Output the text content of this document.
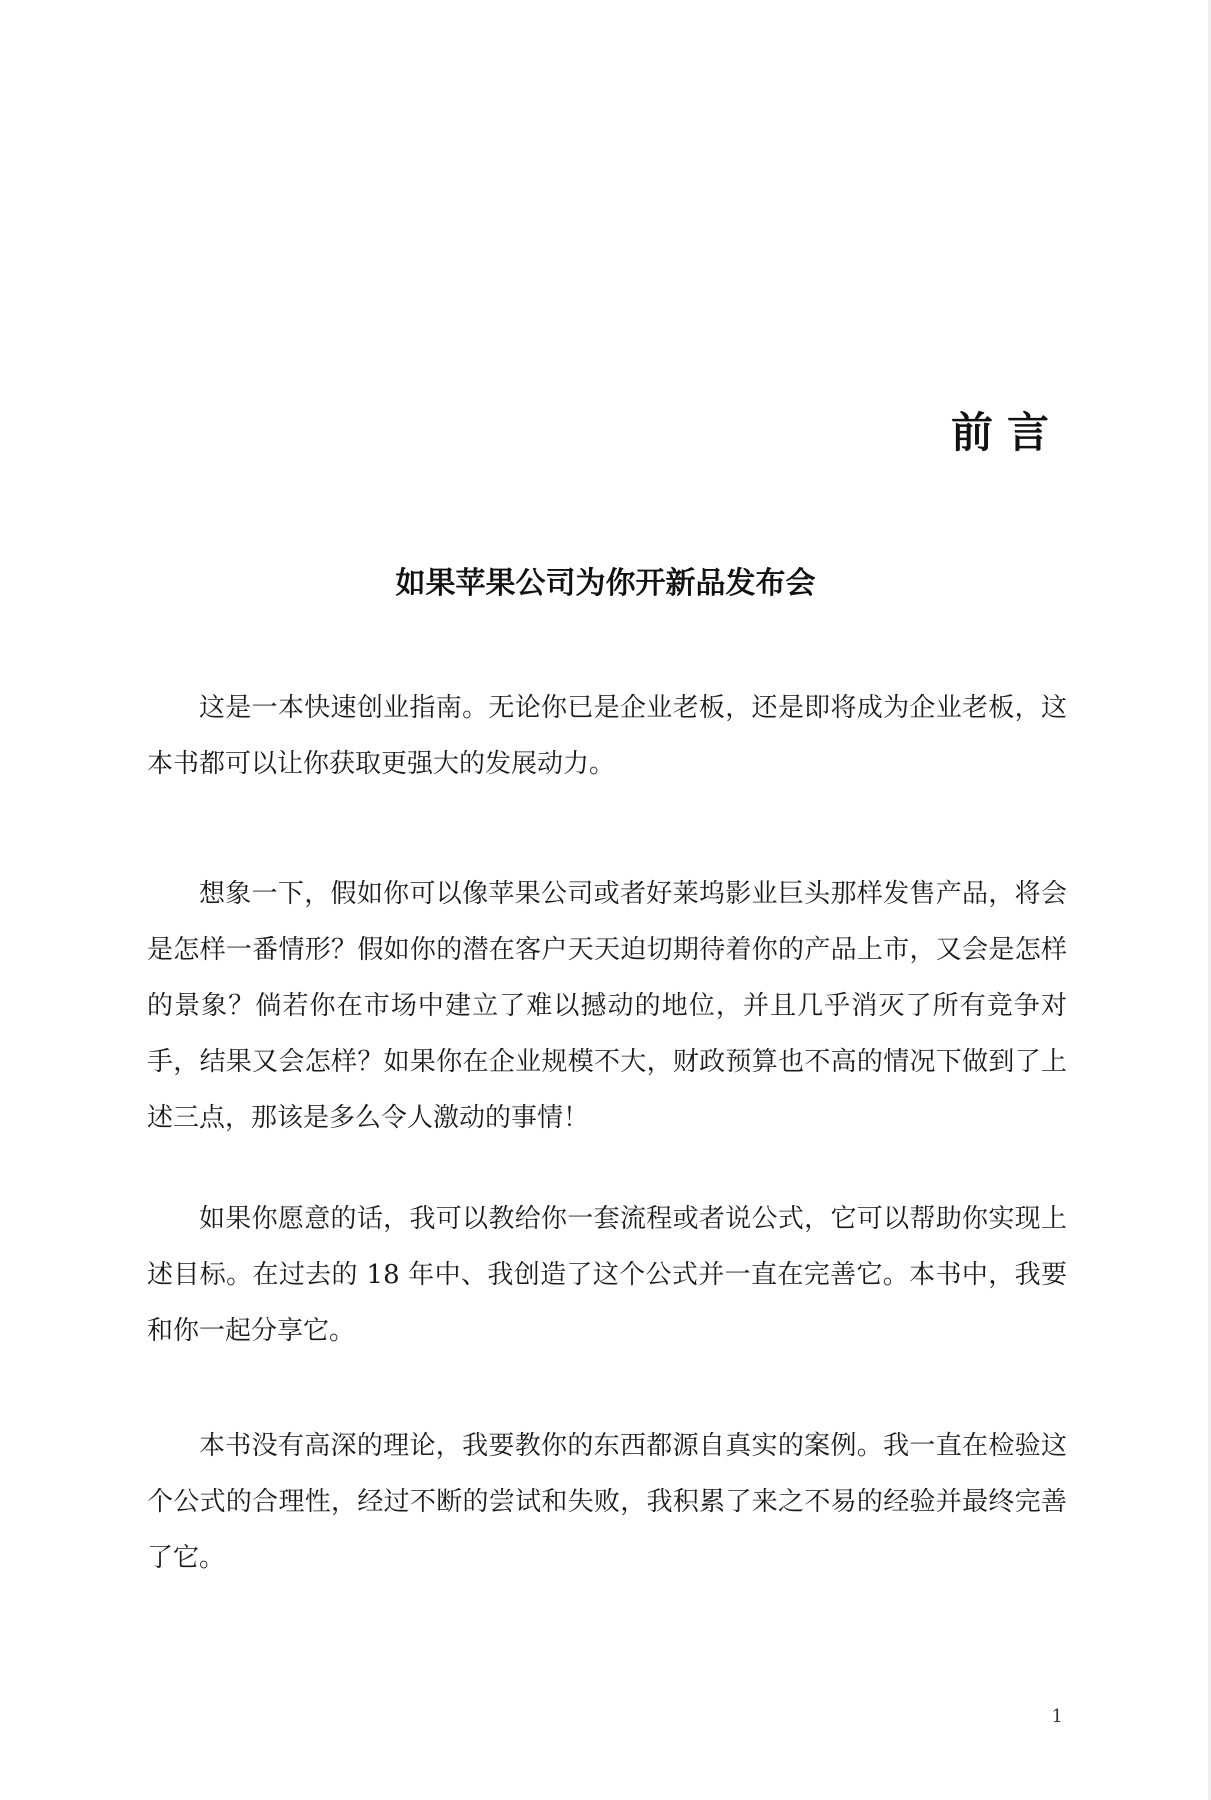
前言
如果苹果公司为你开新品发布会

这是一本快速创业指南。无论你已是企业老板，还是即将成为企业老板，这本书都可以让你获取更强大的发展动力。

想象一下，假如你可以像苹果公司或者好莱坞影业巨头那样发售产品，将会是怎样一番情形？假如你的潜在客户天天迫切期待着你的产品上市，又会是怎样的景象？倘若你在市场中建立了难以撼动的地位，并且几乎消灭了所有竞争对手，结果又会怎样？如果你在企业规模不大，财政预算也不高的情况下做到了上述三点，那该是多么令人激动的事情！

如果你愿意的话，我可以教给你一套流程或者说公式，它可以帮助你实现上述目标。在过去的 18 年中、我创造了这个公式并一直在完善它。本书中，我要和你一起分享它。

本书没有高深的理论，我要教你的东西都源自真实的案例。我一直在检验这个公式的合理性，经过不断的尝试和失败，我积累了来之不易的经验并最终完善了它。

1
